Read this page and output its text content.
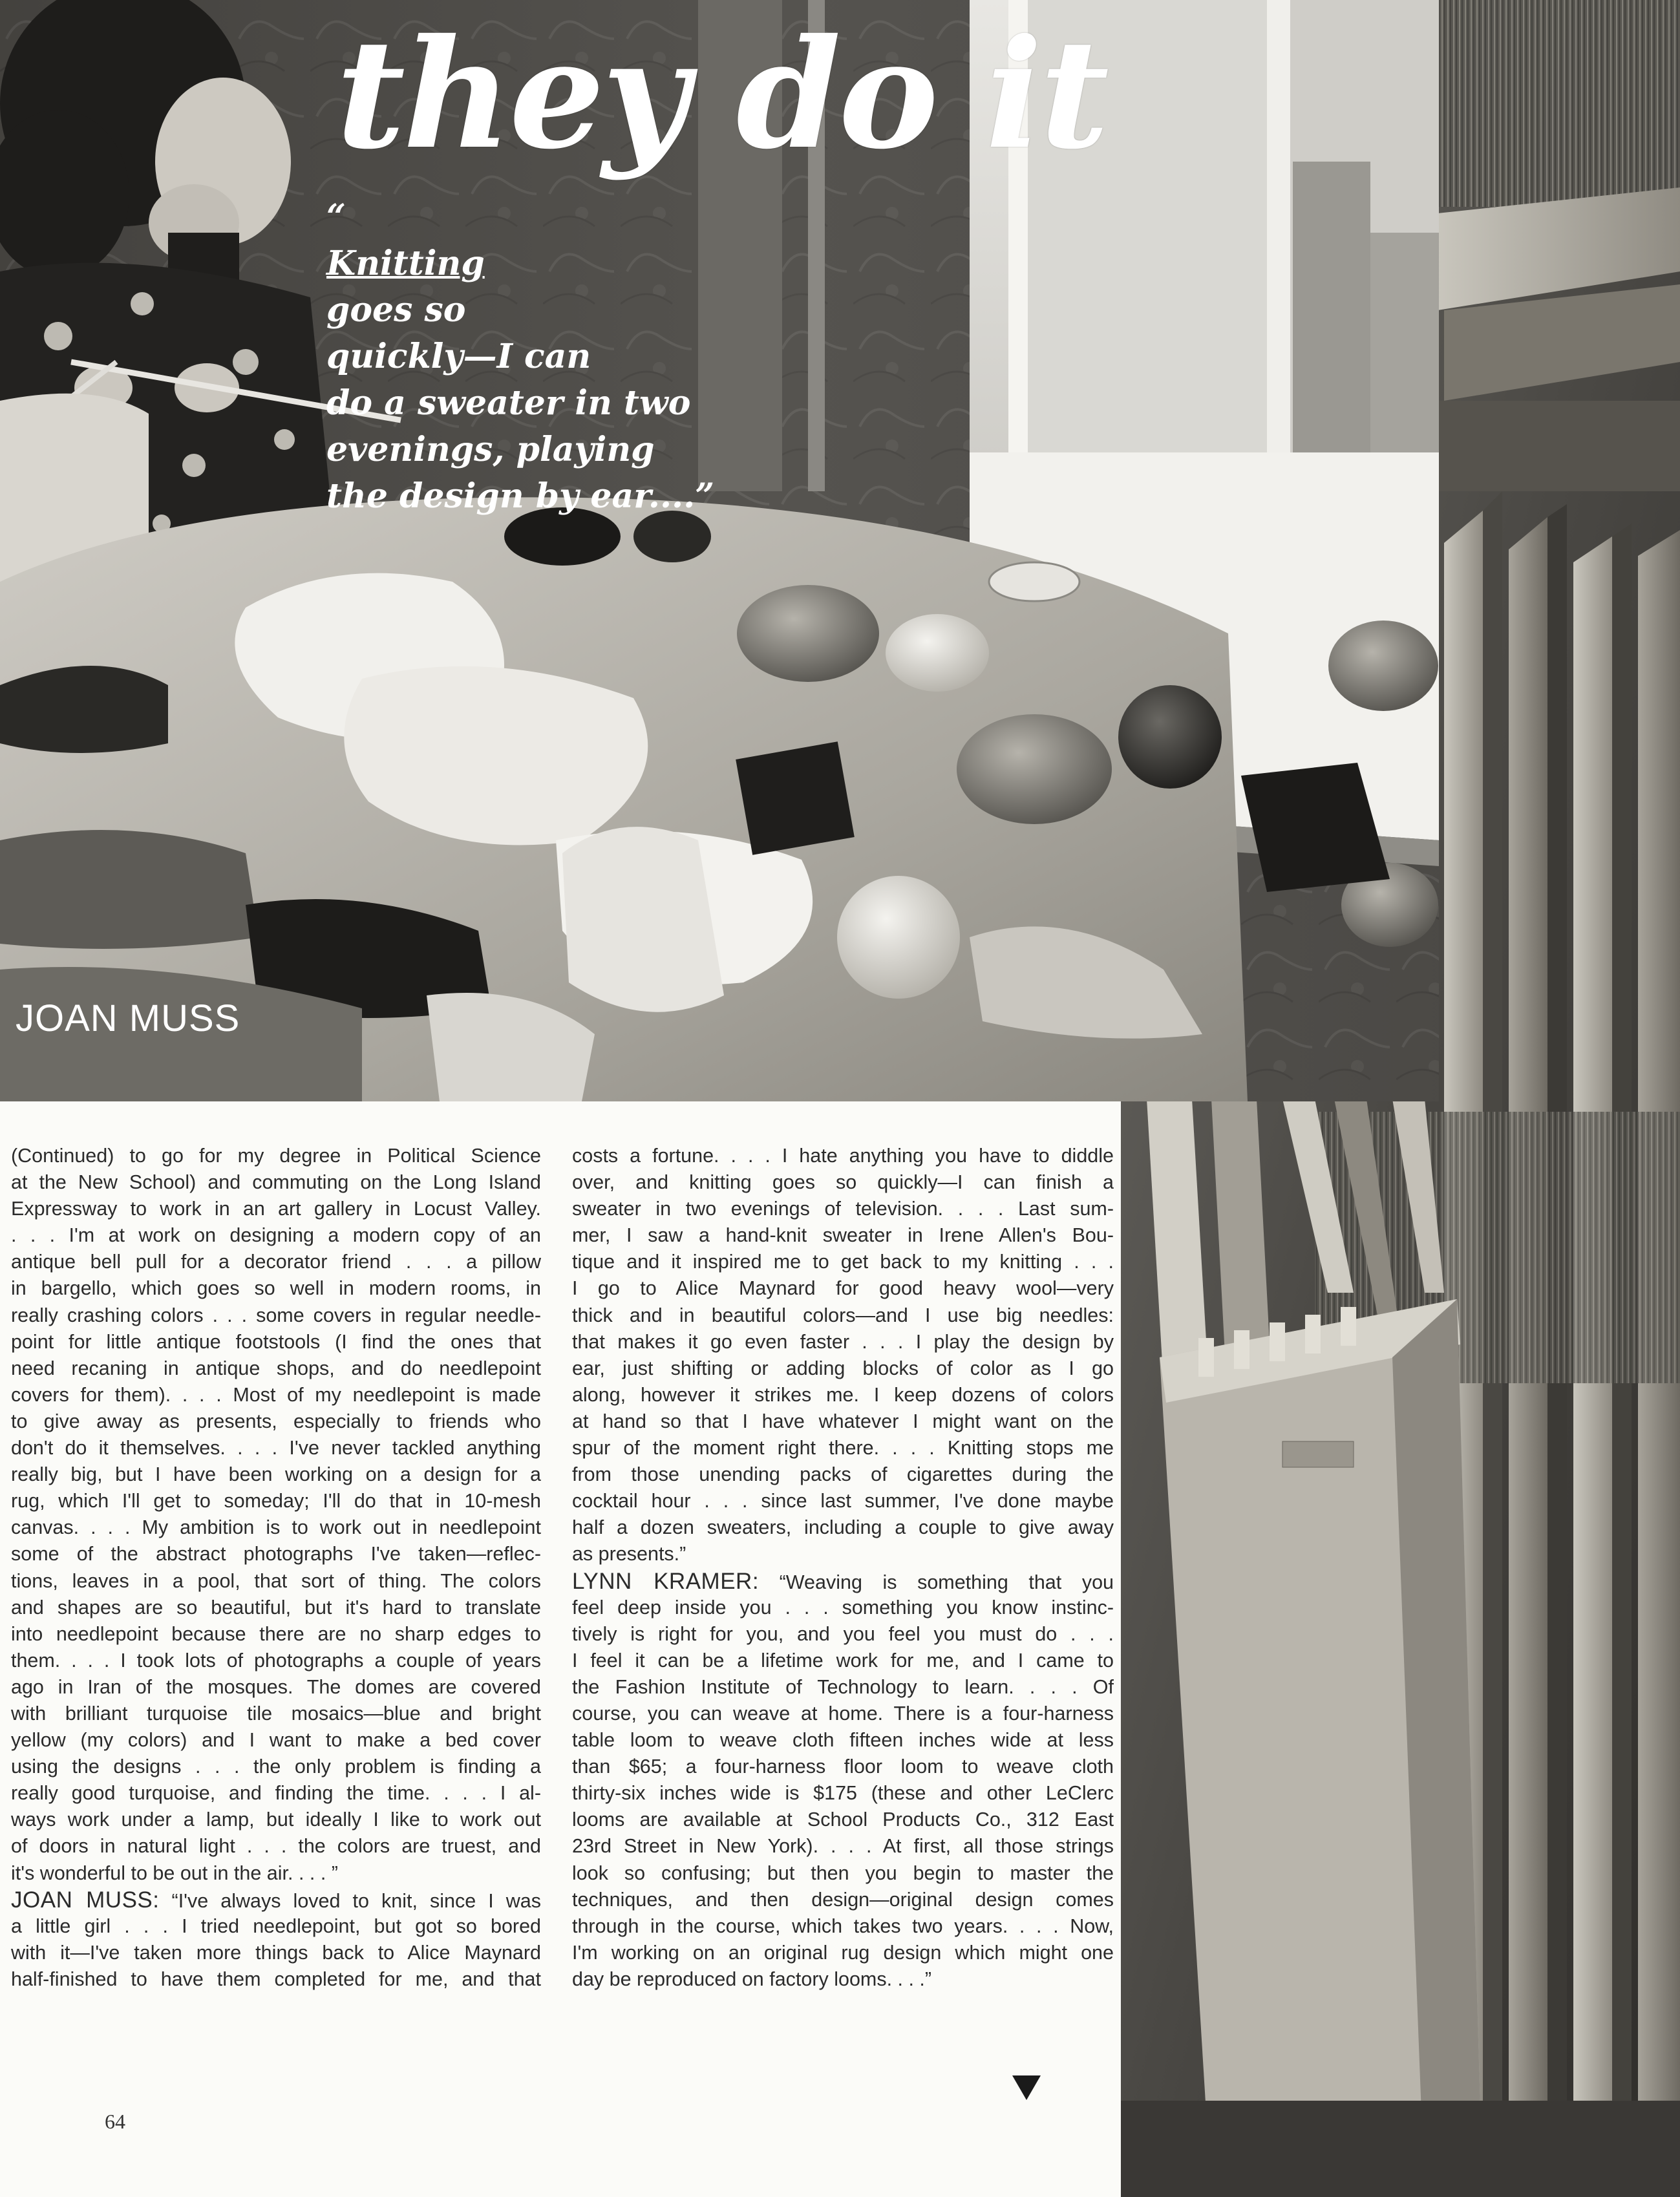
they do it
“
Knitting
goes so
quickly—I can
do a sweater in two
evenings, playing
the design by ear....”
JOAN MUSS
(Continued) to go for my degree in Political Science
at the New School) and commuting on the Long Island
Expressway to work in an art gallery in Locust Valley.
. . . I'm at work on designing a modern copy of an
antique bell pull for a decorator friend . . . a pillow
in bargello, which goes so well in modern rooms, in
really crashing colors . . . some covers in regular needle-
point for little antique footstools (I find the ones that
need recaning in antique shops, and do needlepoint
covers for them). . . . Most of my needlepoint is made
to give away as presents, especially to friends who
don't do it themselves. . . . I've never tackled anything
really big, but I have been working on a design for a
rug, which I'll get to someday; I'll do that in 10-mesh
canvas. . . . My ambition is to work out in needlepoint
some of the abstract photographs I've taken—reflec-
tions, leaves in a pool, that sort of thing. The colors
and shapes are so beautiful, but it's hard to translate
into needlepoint because there are no sharp edges to
them. . . . I took lots of photographs a couple of years
ago in Iran of the mosques. The domes are covered
with brilliant turquoise tile mosaics—blue and bright
yellow (my colors) and I want to make a bed cover
using the designs . . . the only problem is finding a
really good turquoise, and finding the time. . . . I al-
ways work under a lamp, but ideally I like to work out
of doors in natural light . . . the colors are truest, and
it's wonderful to be out in the air. . . . ”
JOAN MUSS: “I've always loved to knit, since I was
a little girl . . . I tried needlepoint, but got so bored
with it—I've taken more things back to Alice Maynard
half-finished to have them completed for me, and that
costs a fortune. . . . I hate anything you have to diddle
over, and knitting goes so quickly—I can finish a
sweater in two evenings of television. . . . Last sum-
mer, I saw a hand-knit sweater in Irene Allen's Bou-
tique and it inspired me to get back to my knitting . . .
I go to Alice Maynard for good heavy wool—very
thick and in beautiful colors—and I use big needles:
that makes it go even faster . . . I play the design by
ear, just shifting or adding blocks of color as I go
along, however it strikes me. I keep dozens of colors
at hand so that I have whatever I might want on the
spur of the moment right there. . . . Knitting stops me
from those unending packs of cigarettes during the
cocktail hour . . . since last summer, I've done maybe
half a dozen sweaters, including a couple to give away
as presents.”
LYNN KRAMER: “Weaving is something that you
feel deep inside you . . . something you know instinc-
tively is right for you, and you feel you must do . . .
I feel it can be a lifetime work for me, and I came to
the Fashion Institute of Technology to learn. . . . Of
course, you can weave at home. There is a four-harness
table loom to weave cloth fifteen inches wide at less
than $65; a four-harness floor loom to weave cloth
thirty-six inches wide is $175 (these and other LeClerc
looms are available at School Products Co., 312 East
23rd Street in New York). . . . At first, all those strings
look so confusing; but then you begin to master the
techniques, and then design—original design comes
through in the course, which takes two years. . . . Now,
I'm working on an original rug design which might one
day be reproduced on factory looms. . . .”
64
